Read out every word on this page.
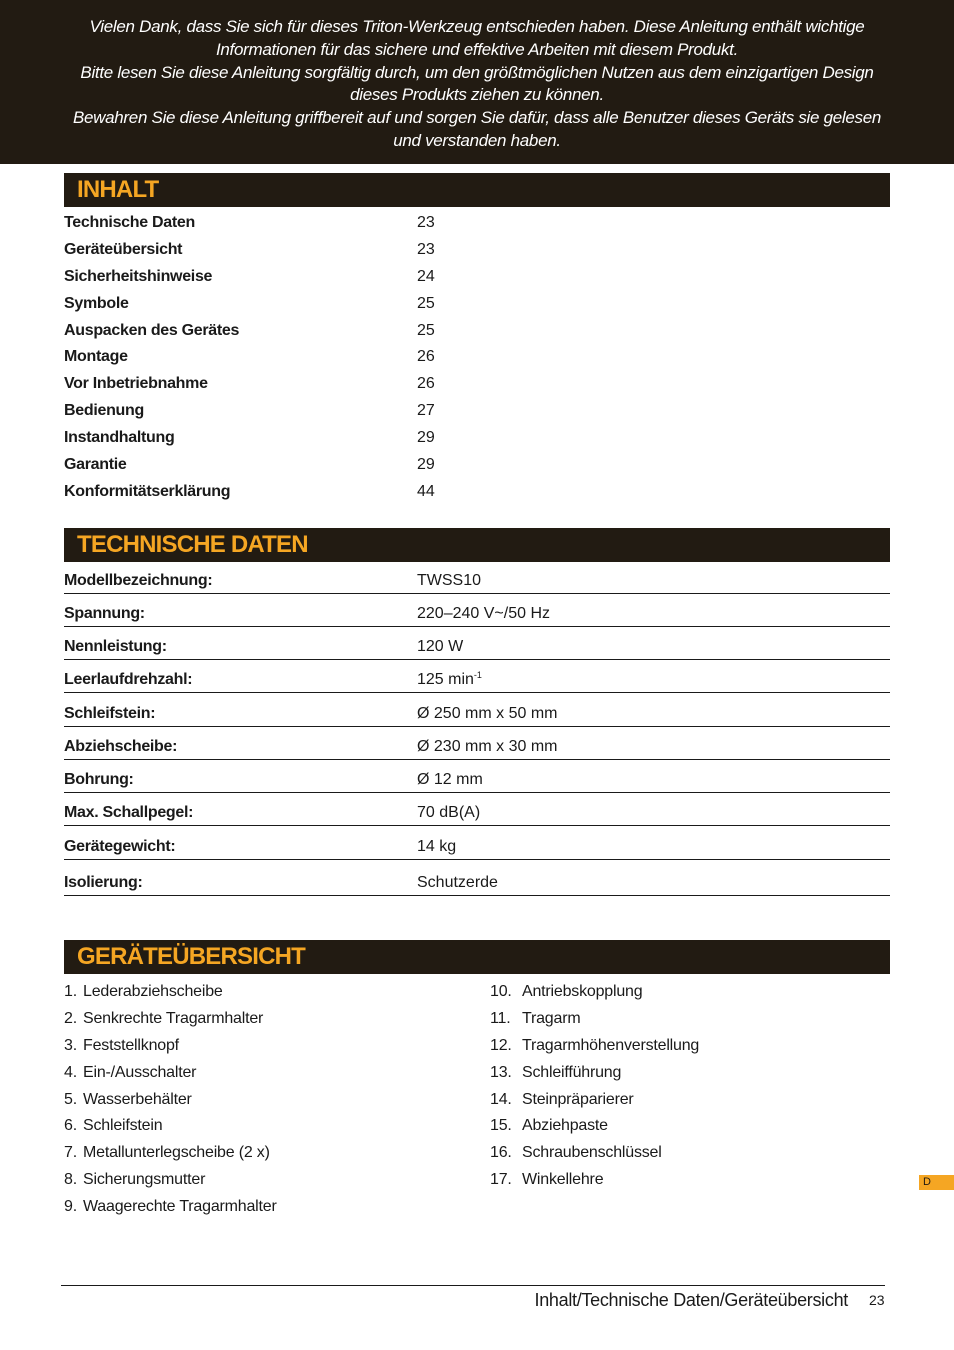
Vielen Dank, dass Sie sich für dieses Triton-Werkzeug entschieden haben. Diese Anleitung enthält wichtige

Informationen für das sichere und effektive Arbeiten mit diesem Produkt.

Bitte lesen Sie diese Anleitung sorgfältig durch, um den größtmöglichen Nutzen aus dem einzigartigen Design

dieses Produkts ziehen zu können.

Bewahren Sie diese Anleitung griffbereit auf und sorgen Sie dafür, dass alle Benutzer dieses Geräts sie gelesen

und verstanden haben.

INHALT
Technische Daten	23
Geräteübersicht	23
Sicherheitshinweise	24
Symbole	25
Auspacken des Gerätes	25
Montage	26
Vor Inbetriebnahme	26
Bedienung	27
Instandhaltung	29
Garantie	29
Konformitätserklärung	44
TECHNISCHE DATEN
Modellbezeichnung:	TWSS10
Spannung:	220–240 V~/50 Hz
Nennleistung:	120 W
Leerlaufdrehzahl:	125 $\min^{-1}$
Schleifstein:	Ø 250 mm x 50 mm
Abziehscheibe:	Ø 230 mm x 30 mm
Bohrung:	Ø 12 mm
Max. Schallpegel:	70 dB(A)
Gerätegewicht:	14 kg
Isolierung:	Schutzerde
GERÄTEÜBERSICHT
1. Lederabziehscheibe
2. Senkrechte Tragarmhalter
3. Feststellknopf
4. Ein-/Ausschalter
5. Wasserbehälter
6. Schleifstein
7. Metallunterlegscheibe (2 x)
8. Sicherungsmutter
9. Waagerechte Tragarmhalter
10. Antriebskopplung
11. Tragarm
12. Tragarmhöhenverstellung
13. Schleifführung
14. Steinpräparierer
15. Abziehpaste
16. Schraubenschlüssel
17. Winkellehre	D
Inhalt/Technische Daten/Geräteübersicht 23
